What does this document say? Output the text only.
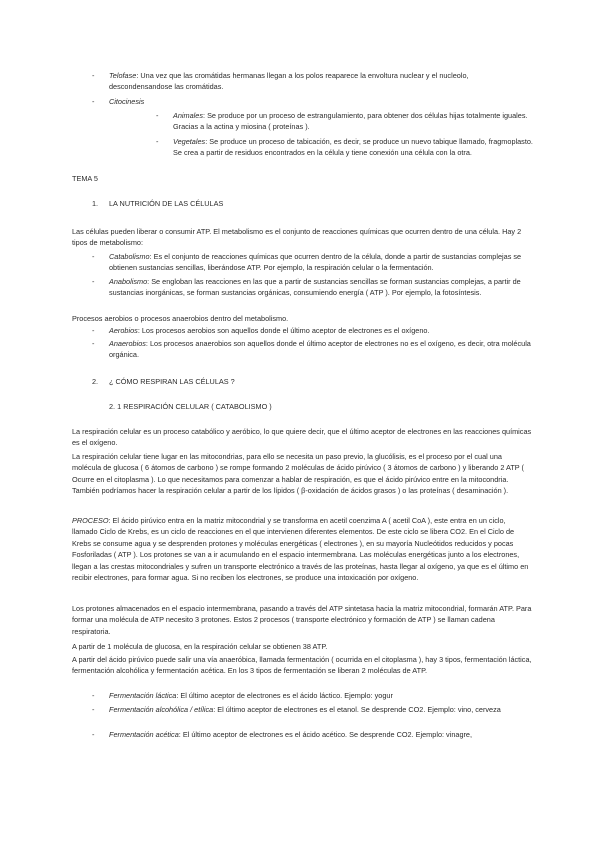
- Telofase: Una vez que las cromátidas hermanas llegan a los polos reaparece la envoltura nuclear y el nucleolo, descondensandose las cromátidas.
- Citocinesis
- Animales: Se produce por un proceso de estrangulamiento, para obtener dos células hijas totalmente iguales. Gracias a la actina y miosina ( proteínas ).
- Vegetales: Se produce un proceso de tabicación, es decir, se produce un nuevo tabique llamado, fragmoplasto. Se crea a partir de residuos encontrados en la célula y tiene conexión una célula con la otra.
TEMA 5
1. LA NUTRICIÓN DE LAS CÉLULAS
Las células pueden liberar o consumir ATP. El metabolismo es el conjunto de reacciones químicas que ocurren dentro de una célula. Hay 2 tipos de metabolismo:
- Catabolismo: Es el conjunto de reacciones químicas que ocurren dentro de la célula, donde a partir de sustancias complejas se obtienen sustancias sencillas, liberándose ATP. Por ejemplo, la respiración celular o la fermentación.
- Anabolismo: Se engloban las reacciones en las que a partir de sustancias sencillas se forman sustancias complejas, a partir de sustancias inorgánicas, se forman sustancias orgánicas, consumiendo energía ( ATP ). Por ejemplo, la fotosíntesis.
Procesos aerobios o procesos anaerobios dentro del metabolismo.
- Aerobios: Los procesos aerobios son aquellos donde el último aceptor de electrones es el oxígeno.
- Anaerobios: Los procesos anaerobios son aquellos donde el último aceptor de electrones no es el oxígeno, es decir, otra molécula orgánica.
2. ¿ CÓMO RESPIRAN LAS CÉLULAS ?
2. 1 RESPIRACIÓN CELULAR ( CATABOLISMO )
La respiración celular es un proceso catabólico y aeróbico, lo que quiere decir, que el último aceptor de electrones en las reacciones químicas es el oxígeno.
La respiración celular tiene lugar en las mitocondrias, para ello se necesita un paso previo, la glucólisis, es el proceso por el cual una molécula de glucosa ( 6 átomos de carbono ) se rompe formando 2 moléculas de ácido pirúvico ( 3 átomos de carbono ) y liberando 2 ATP ( Ocurre en el citoplasma ). Lo que necesitamos para comenzar a hablar de respiración, es que el ácido pirúvico entre en la mitocondria. También podríamos hacer la respiración celular a partir de los lípidos ( β-oxidación de ácidos grasos ) o las proteínas ( desaminación ).
PROCESO: El ácido pirúvico entra en la matriz mitocondrial y se transforma en acetil coenzima A ( acetil CoA ), este entra en un ciclo, llamado Ciclo de Krebs, es un ciclo de reacciones en el que intervienen diferentes elementos. De este ciclo se libera CO2. En el Ciclo de Krebs se consume agua y se desprenden protones y moléculas energéticas ( electrones ), en su mayoría Nucleótidos reducidos y pocas Fosforiladas ( ATP ). Los protones se van a ir acumulando en el espacio intermembrana. Las moléculas energéticas junto a los electrones, llegan a las crestas mitocondriales y sufren un transporte electrónico a través de las proteínas, hasta llegar al oxígeno, ya que es el último en recibir electrones, para formar agua. Si no reciben los electrones, se produce una intoxicación por oxígeno.
Los protones almacenados en el espacio intermembrana, pasando a través del ATP sintetasa hacia la matriz mitocondrial, formarán ATP. Para formar una molécula de ATP necesito 3 protones. Estos 2 procesos ( transporte electrónico y formación de ATP ) se llaman cadena respiratoria.
A partir de 1 molécula de glucosa, en la respiración celular se obtienen 38 ATP.
A partir del ácido pirúvico puede salir una vía anaeróbica, llamada fermentación ( ocurrida en el citoplasma ), hay 3 tipos, fermentación láctica, fermentación alcohólica y fermentación acética. En los 3 tipos de fermentación se liberan 2 moléculas de ATP.
- Fermentación láctica: El último aceptor de electrones es el ácido láctico. Ejemplo: yogur
- Fermentación alcohólica / etílica: El último aceptor de electrones es el etanol. Se desprende CO2. Ejemplo: vino, cerveza
- Fermentación acética: El último aceptor de electrones es el ácido acético. Se desprende CO2. Ejemplo: vinagre,
